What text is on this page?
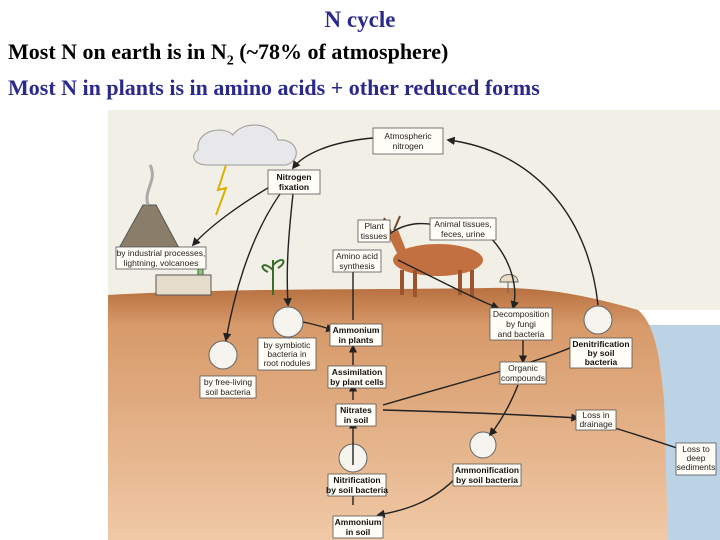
N cycle
Most N on earth is in $N_2$ (~78% of atmosphere)
Most N in plants is in amino acids + other reduced forms
Atmospheric nitrogen
Nitrogen fixation
by industrial processes, lightning, volcanoes
by symbiotic bacteria in root nodules
by free-living soil bacteria
Plant tissues
Amino acid synthesis
Animal tissues, feces, urine
Ammonium in plants
Assimilation by plant cells
Nitrates in soil
Nitrification by soil bacteria
Ammonium in soil
Decomposition by fungi and bacteria
Organic compounds
Denitrification by soil bacteria
Ammonification by soil bacteria
Loss in drainage
Loss to deep sediments
